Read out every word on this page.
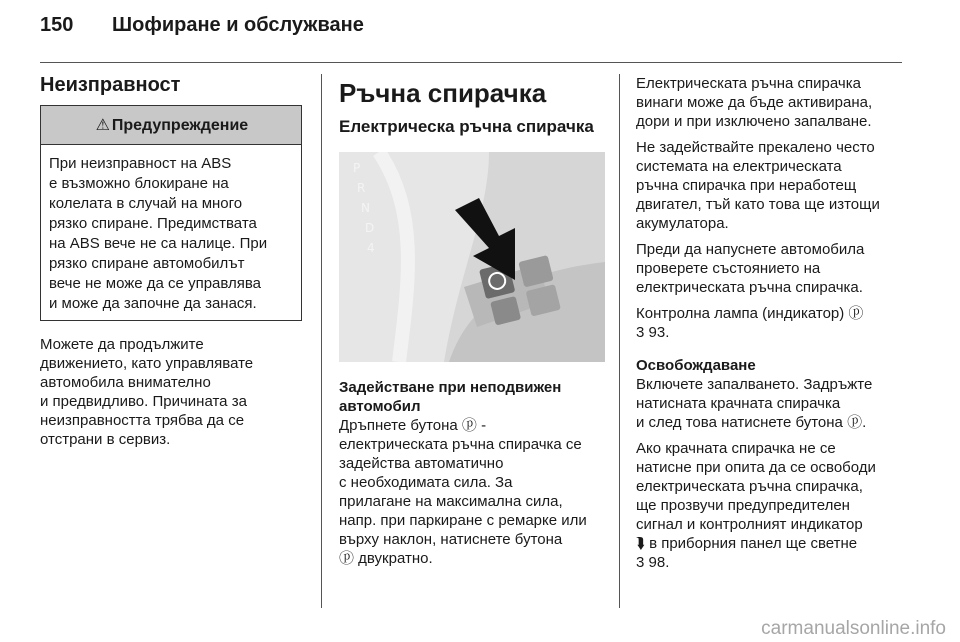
150 Шофиране и обслужване
Неизправност
⚠ Предупреждение
При неизправност на ABS
е възможно блокиране на
колелата в случай на много
рязко спиране. Предимствата
на ABS вече не са налице. При
рязко спиране автомобилът
вече не може да се управлява
и може да започне да занася.
Можете да продължите
движението, като управлявате
автомобила внимателно
и предвидливо. Причината за
неизправността трябва да се
отстрани в сервиз.
Ръчна спирачка
Електрическа ръчна спирачка
P
R
N
D
4
Задействане при неподвижен автомобил
Дръпнете бутона ⓟ -
електрическата ръчна спирачка се
задейства автоматично
с необходимата сила. За
прилагане на максимална сила,
напр. при паркиране с ремарке или
върху наклон, натиснете бутона
ⓟ двукратно.

Електрическата ръчна спирачка
винаги може да бъде активирана,
дори и при изключено запалване.

Не задействайте прекалено често
системата на електрическата
ръчна спирачка при неработещ
двигател, тъй като това ще изтощи
акумулатора.

Преди да напуснете автомобила
проверете състоянието на
електрическата ръчна спирачка.

Контролна лампа (индикатор) ⓟ
3 93.

Освобождаване

Включете запалването. Задръжте
натисната крачната спирачка
и след това натиснете бутона ⓟ.

Ако крачната спирачка не се
натисне при опита да се освободи
електрическата ръчна спирачка,
ще прозвучи предупредителен
сигнал и контролният индикатор
⮯ в приборния панел ще светне
3 98.

carmanualsonline.info
